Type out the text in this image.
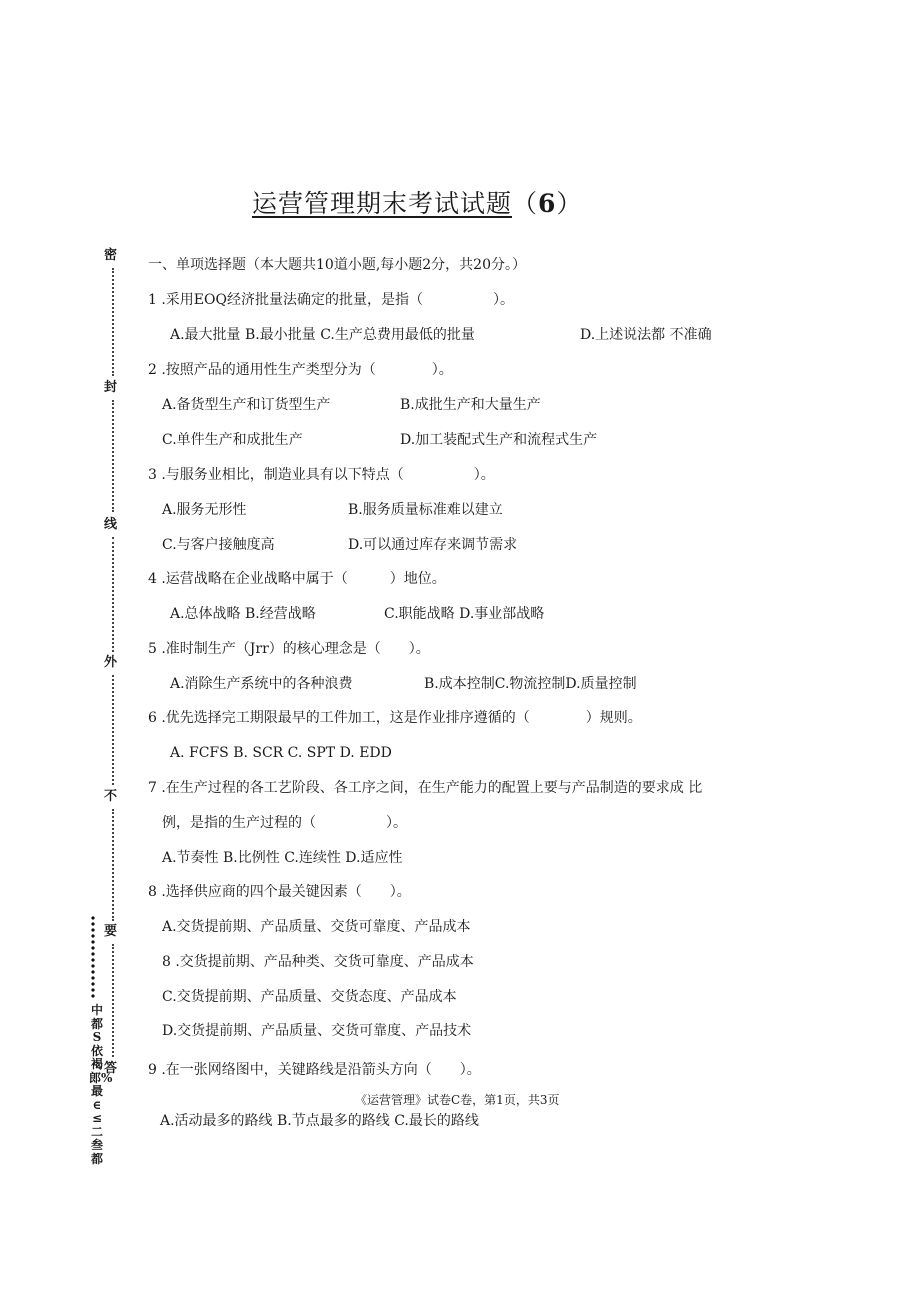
运营管理期末考试试题（6）
密
封
线
外
不
要
答
中都S依褐郎%最∈≤二叁都
一、单项选择题（本大题共10道小题,每小题2分，共20分。）
1 .采用EOQ经济批量法确定的批量，是指（　　　　　）。
A.最大批量 B.最小批量 C.生产总费用最低的批量	D.上述说法都 不准确
2 .按照产品的通用性生产类型分为（　　　　）。
A.备货型生产和订货型生产	B.成批生产和大量生产
C.单件生产和成批生产	D.加工装配式生产和流程式生产
3 .与服务业相比，制造业具有以下特点（　　　　　）。
A.服务无形性	B.服务质量标准难以建立
C.与客户接触度高	D.可以通过库存来调节需求
4 .运营战略在企业战略中属于（　　　）地位。
A.总体战略 B.经营战略	C.职能战略 D.事业部战略
5 .准时制生产（Jrr）的核心理念是（　　）。
A.消除生产系统中的各种浪费	B.成本控制C.物流控制D.质量控制
6 .优先选择完工期限最早的工件加工，这是作业排序遵循的（　　　　）规则。
A. FCFS B. SCR C. SPT D. EDD
7 .在生产过程的各工艺阶段、各工序之间，在生产能力的配置上要与产品制造的要求成 比
例，是指的生产过程的（　　　　　）。
A.节奏性 B.比例性 C.连续性 D.适应性
8 .选择供应商的四个最关键因素（　　）。
A.交货提前期、产品质量、交货可靠度、产品成本
8 .交货提前期、产品种类、交货可靠度、产品成本
C.交货提前期、产品质量、交货态度、产品成本
D.交货提前期、产品质量、交货可靠度、产品技术
9 .在一张网络图中，关键路线是沿箭头方向（　　）。
《运营管理》试卷C卷，第1页，共3页
A.活动最多的路线 B.节点最多的路线 C.最长的路线
